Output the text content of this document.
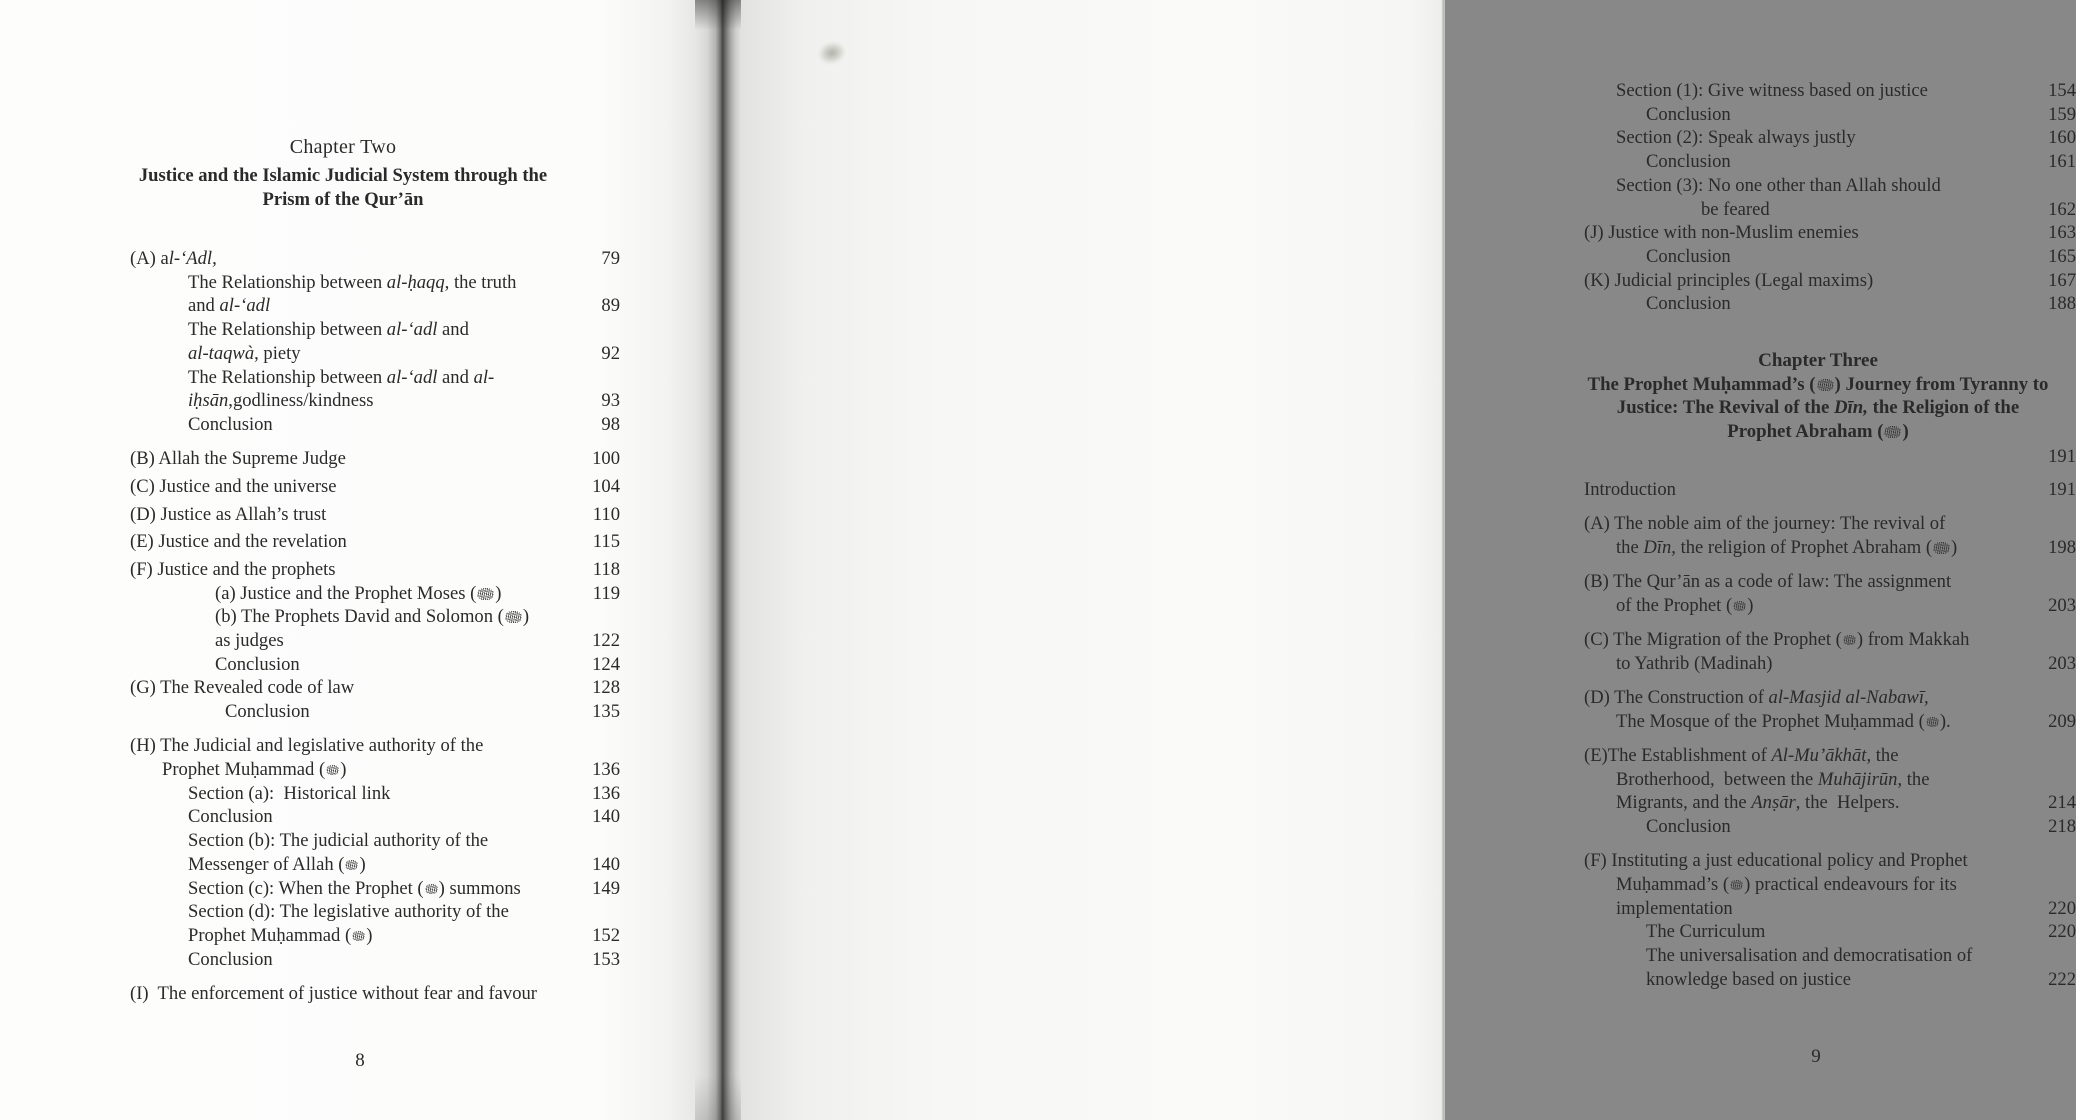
Chapter Two
Justice and the Islamic Judicial System through the
Prism of the Qur’ān
(A) al-‘Adl,	79
The Relationship between al-ḥaqq, the truth
and al-‘adl	89
The Relationship between al-‘adl and
al-taqwà, piety	92
The Relationship between al-‘adl and al-
iḥsān,godliness/kindness	93
Conclusion	98
(B) Allah the Supreme Judge	100
(C) Justice and the universe	104
(D) Justice as Allah’s trust	110
(E) Justice and the revelation	115
(F) Justice and the prophets	118
(a) Justice and the Prophet Moses ( )	119
(b) The Prophets David and Solomon ( )
as judges	122
Conclusion	124
(G) The Revealed code of law	128
Conclusion	135
(H) The Judicial and legislative authority of the
Prophet Muḥammad ( )	136
Section (a):  Historical link	136
Conclusion	140
Section (b): The judicial authority of the
Messenger of Allah ( )	140
Section (c): When the Prophet ( ) summons	149
Section (d): The legislative authority of the
Prophet Muḥammad ( )	152
Conclusion	153
(I)  The enforcement of justice without fear and favour
8
Section (1): Give witness based on justice	154
Conclusion	159
Section (2): Speak always justly	160
Conclusion	161
Section (3): No one other than Allah should
be feared	162
(J) Justice with non-Muslim enemies	163
Conclusion	165
(K) Judicial principles (Legal maxims)	167
Conclusion	188
Chapter Three
The Prophet Muḥammad’s ( ) Journey from Tyranny to
Justice: The Revival of the Dīn, the Religion of the
Prophet Abraham ( )
191
Introduction	191
(A) The noble aim of the journey: The revival of
the Dīn, the religion of Prophet Abraham ( )	198
(B) The Qur’ān as a code of law: The assignment
of the Prophet ( )	203
(C) The Migration of the Prophet ( ) from Makkah
to Yathrib (Madinah)	203
(D) The Construction of al-Masjid al-Nabawī,
The Mosque of the Prophet Muḥammad ( ).	209
(E)The Establishment of Al-Mu’ākhāt, the
Brotherhood,  between the Muhājirūn, the
Migrants, and the Anṣār, the  Helpers.	214
Conclusion	218
(F) Instituting a just educational policy and Prophet
Muḥammad’s ( ) practical endeavours for its
implementation	220
The Curriculum	220
The universalisation and democratisation of
knowledge based on justice	222
9
